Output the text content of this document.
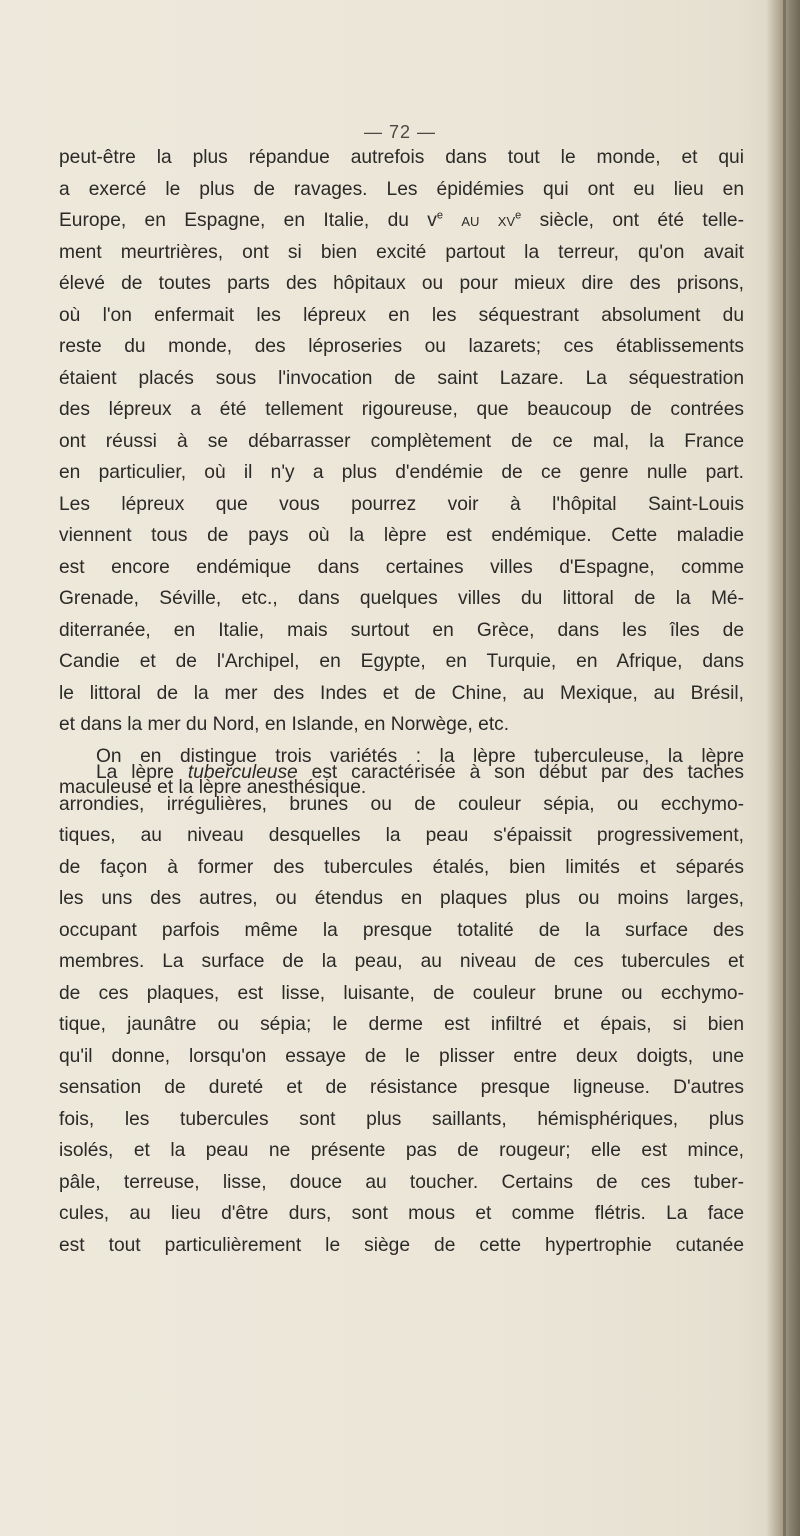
— 72 —

peut-être la plus répandue autrefois dans tout le monde, et qui
a exercé le plus de ravages. Les épidémies qui ont eu lieu en
Europe, en Espagne, en Italie, du $v^e$ au $xv^e$ siècle, ont été telle-
ment meurtrières, ont si bien excité partout la terreur, qu'on avait
élevé de toutes parts des hôpitaux ou pour mieux dire des prisons,
où l'on enfermait les lépreux en les séquestrant absolument du
reste du monde, des léproseries ou lazarets; ces établissements
étaient placés sous l'invocation de saint Lazare. La séquestration
des lépreux a été tellement rigoureuse, que beaucoup de contrées
ont réussi à se débarrasser complètement de ce mal, la France
en particulier, où il n'y a plus d'endémie de ce genre nulle part.
Les lépreux que vous pourrez voir à l'hôpital Saint-Louis
viennent tous de pays où la lèpre est endémique. Cette maladie
est encore endémique dans certaines villes d'Espagne, comme
Grenade, Séville, etc., dans quelques villes du littoral de la Mé-
diterranée, en Italie, mais surtout en Grèce, dans les îles de
Candie et de l'Archipel, en Egypte, en Turquie, en Afrique, dans
le littoral de la mer des Indes et de Chine, au Mexique, au Brésil,
et dans la mer du Nord, en Islande, en Norwège, etc.

On en distingue trois variétés : la lèpre tuberculeuse, la lèpre
maculeuse et la lèpre anesthésique.

La lèpre tuberculeuse est caractérisée à son début par des taches
arrondies, irrégulières, brunes ou de couleur sépia, ou ecchymo-
tiques, au niveau desquelles la peau s'épaissit progressivement,
de façon à former des tubercules étalés, bien limités et séparés
les uns des autres, ou étendus en plaques plus ou moins larges,
occupant parfois même la presque totalité de la surface des
membres. La surface de la peau, au niveau de ces tubercules et
de ces plaques, est lisse, luisante, de couleur brune ou ecchymo-
tique, jaunâtre ou sépia; le derme est infiltré et épais, si bien
qu'il donne, lorsqu'on essaye de le plisser entre deux doigts, une
sensation de dureté et de résistance presque ligneuse. D'autres
fois, les tubercules sont plus saillants, hémisphériques, plus
isolés, et la peau ne présente pas de rougeur; elle est mince,
pâle, terreuse, lisse, douce au toucher. Certains de ces tuber-
cules, au lieu d'être durs, sont mous et comme flétris. La face
est tout particulièrement le siège de cette hypertrophie cutanée
